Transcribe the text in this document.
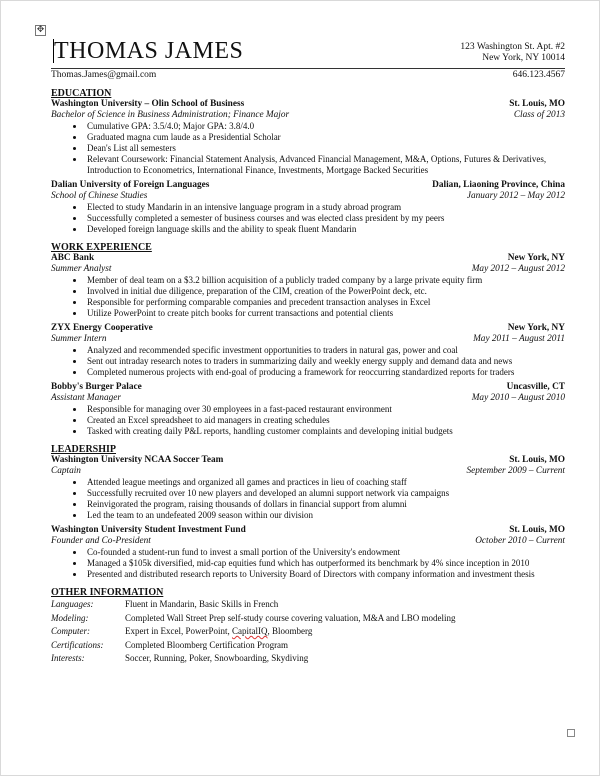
✥
THOMAS JAMES	123 Washington St. Apt. #2
New York, NY 10014
Thomas.James@gmail.com	646.123.4567
EDUCATION
Washington University – Olin School of Business	St. Louis, MO
Bachelor of Science in Business Administration; Finance Major	Class of 2013
• Cumulative GPA: 3.5/4.0; Major GPA: 3.8/4.0
• Graduated magna cum laude as a Presidential Scholar
• Dean's List all semesters
• Relevant Coursework: Financial Statement Analysis, Advanced Financial Management, M&A, Options, Futures & Derivatives, Introduction to Econometrics, International Finance, Investments, Mortgage Backed Securities
Dalian University of Foreign Languages	Dalian, Liaoning Province, China
School of Chinese Studies	January 2012 – May 2012
• Elected to study Mandarin in an intensive language program in a study abroad program
• Successfully completed a semester of business courses and was elected class president by my peers
• Developed foreign language skills and the ability to speak fluent Mandarin
WORK EXPERIENCE
ABC Bank	New York, NY
Summer Analyst	May 2012 – August 2012
• Member of deal team on a $3.2 billion acquisition of a publicly traded company by a large private equity firm
• Involved in initial due diligence, preparation of the CIM, creation of the PowerPoint deck, etc.
• Responsible for performing comparable companies and precedent transaction analyses in Excel
• Utilize PowerPoint to create pitch books for current transactions and potential clients
ZYX Energy Cooperative	New York, NY
Summer Intern	May 2011 – August 2011
• Analyzed and recommended specific investment opportunities to traders in natural gas, power and coal
• Sent out intraday research notes to traders in summarizing daily and weekly energy supply and demand data and news
• Completed numerous projects with end-goal of producing a framework for reoccurring standardized reports for traders
Bobby's Burger Palace	Uncasville, CT
Assistant Manager	May 2010 – August 2010
• Responsible for managing over 30 employees in a fast-paced restaurant environment
• Created an Excel spreadsheet to aid managers in creating schedules
• Tasked with creating daily P&L reports, handling customer complaints and developing initial budgets
LEADERSHIP
Washington University NCAA Soccer Team	St. Louis, MO
Captain	September 2009 – Current
• Attended league meetings and organized all games and practices in lieu of coaching staff
• Successfully recruited over 10 new players and developed an alumni support network via campaigns
• Reinvigorated the program, raising thousands of dollars in financial support from alumni
• Led the team to an undefeated 2009 season within our division
Washington University Student Investment Fund	St. Louis, MO
Founder and Co-President	October 2010 – Current
• Co-founded a student-run fund to invest a small portion of the University's endowment
• Managed a $105k diversified, mid-cap equities fund which has outperformed its benchmark by 4% since inception in 2010
• Presented and distributed research reports to University Board of Directors with company information and investment thesis
OTHER INFORMATION
Languages:	Fluent in Mandarin, Basic Skills in French
Modeling:	Completed Wall Street Prep self-study course covering valuation, M&A and LBO modeling
Computer:	Expert in Excel, PowerPoint, CapitalIQ, Bloomberg
Certifications:	Completed Bloomberg Certification Program
Interests:	Soccer, Running, Poker, Snowboarding, Skydiving
